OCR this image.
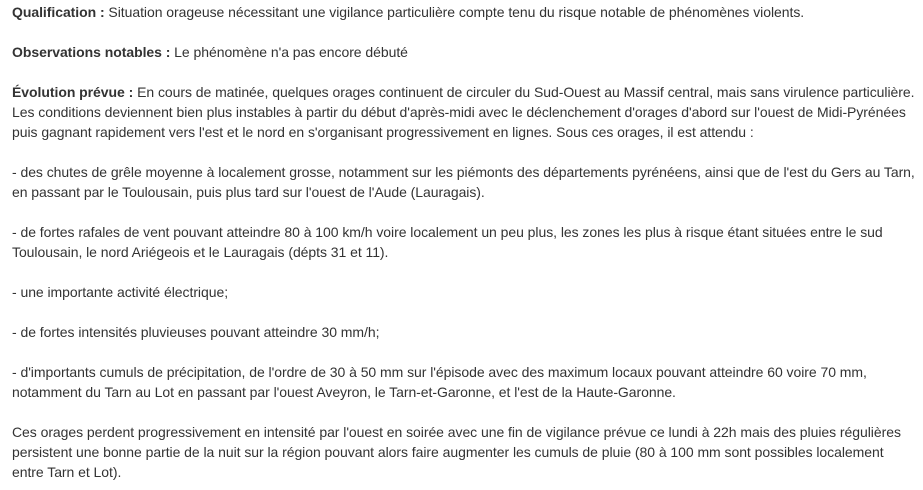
Qualification : Situation orageuse nécessitant une vigilance particulière compte tenu du risque notable de phénomènes violents.

Observations notables : Le phénomène n'a pas encore débuté

Évolution prévue : En cours de matinée, quelques orages continuent de circuler du Sud-Ouest au Massif central, mais sans virulence particulière. Les conditions deviennent bien plus instables à partir du début d'après-midi avec le déclenchement d'orages d'abord sur l'ouest de Midi-Pyrénées puis gagnant rapidement vers l'est et le nord en s'organisant progressivement en lignes. Sous ces orages, il est attendu :

- des chutes de grêle moyenne à localement grosse, notamment sur les piémonts des départements pyrénéens, ainsi que de l'est du Gers au Tarn, en passant par le Toulousain, puis plus tard sur l'ouest de l'Aude (Lauragais).

- de fortes rafales de vent pouvant atteindre 80 à 100 km/h voire localement un peu plus, les zones les plus à risque étant situées entre le sud Toulousain, le nord Ariégeois et le Lauragais (dépts 31 et 11).

- une importante activité électrique;

- de fortes intensités pluvieuses pouvant atteindre 30 mm/h;

- d'importants cumuls de précipitation, de l'ordre de 30 à 50 mm sur l'épisode avec des maximum locaux pouvant atteindre 60 voire 70 mm, notamment du Tarn au Lot en passant par l'ouest Aveyron, le Tarn-et-Garonne, et l'est de la Haute-Garonne.

Ces orages perdent progressivement en intensité par l'ouest en soirée avec une fin de vigilance prévue ce lundi à 22h mais des pluies régulières persistent une bonne partie de la nuit sur la région pouvant alors faire augmenter les cumuls de pluie (80 à 100 mm sont possibles localement entre Tarn et Lot).
